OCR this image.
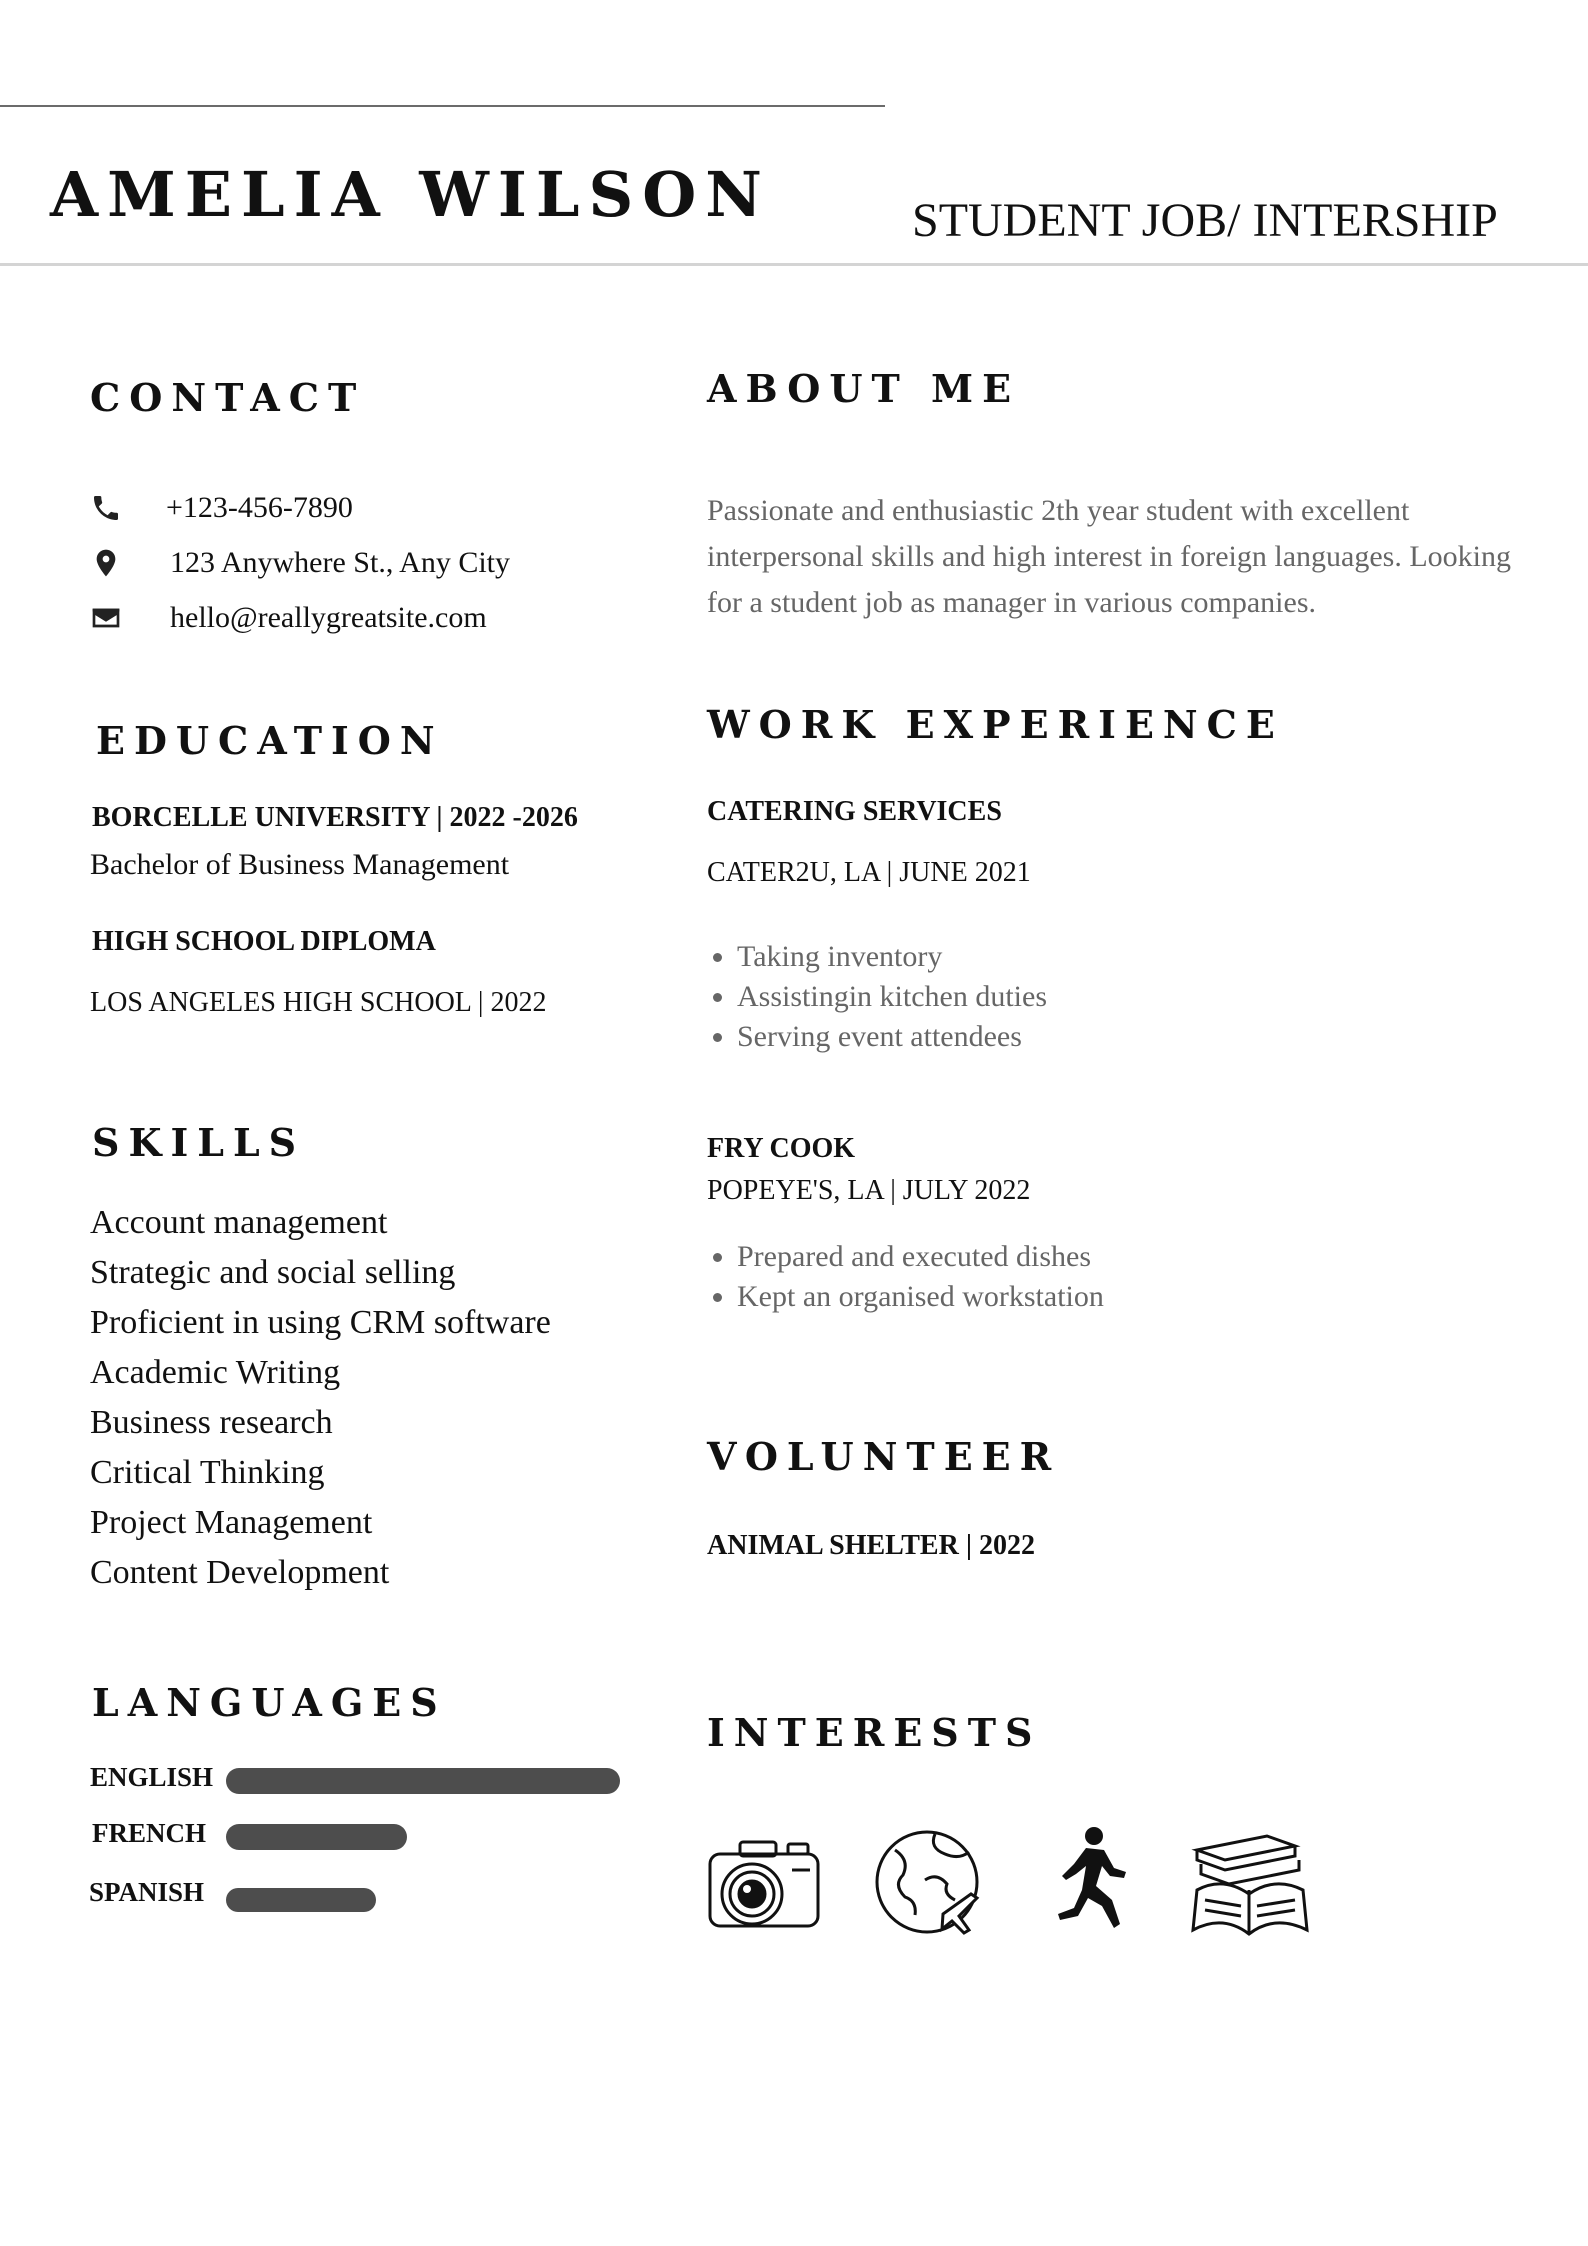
AMELIA WILSON	STUDENT JOB/ INTERSHIP
CONTACT
+123-456-7890
123 Anywhere St., Any City
hello@reallygreatsite.com
EDUCATION
BORCELLE UNIVERSITY | 2022 -2026
Bachelor of Business Management
HIGH SCHOOL DIPLOMA
LOS ANGELES HIGH SCHOOL | 2022
SKILLS
Account management
Strategic and social selling
Proficient in using CRM software
Academic Writing
Business research
Critical Thinking
Project Management
Content Development
LANGUAGES
ENGLISH
FRENCH
SPANISH
ABOUT ME

Passionate and enthusiastic 2th year student with excellent interpersonal skills and high interest in foreign languages. Looking for a student job as manager in various companies.

WORK EXPERIENCE
CATERING SERVICES
CATER2U, LA | JUNE 2021
• Taking inventory
• Assistingin kitchen duties
• Serving event attendees
FRY COOK
POPEYE'S, LA | JULY 2022
• Prepared and executed dishes
• Kept an organised workstation
VOLUNTEER
ANIMAL SHELTER | 2022
INTERESTS
